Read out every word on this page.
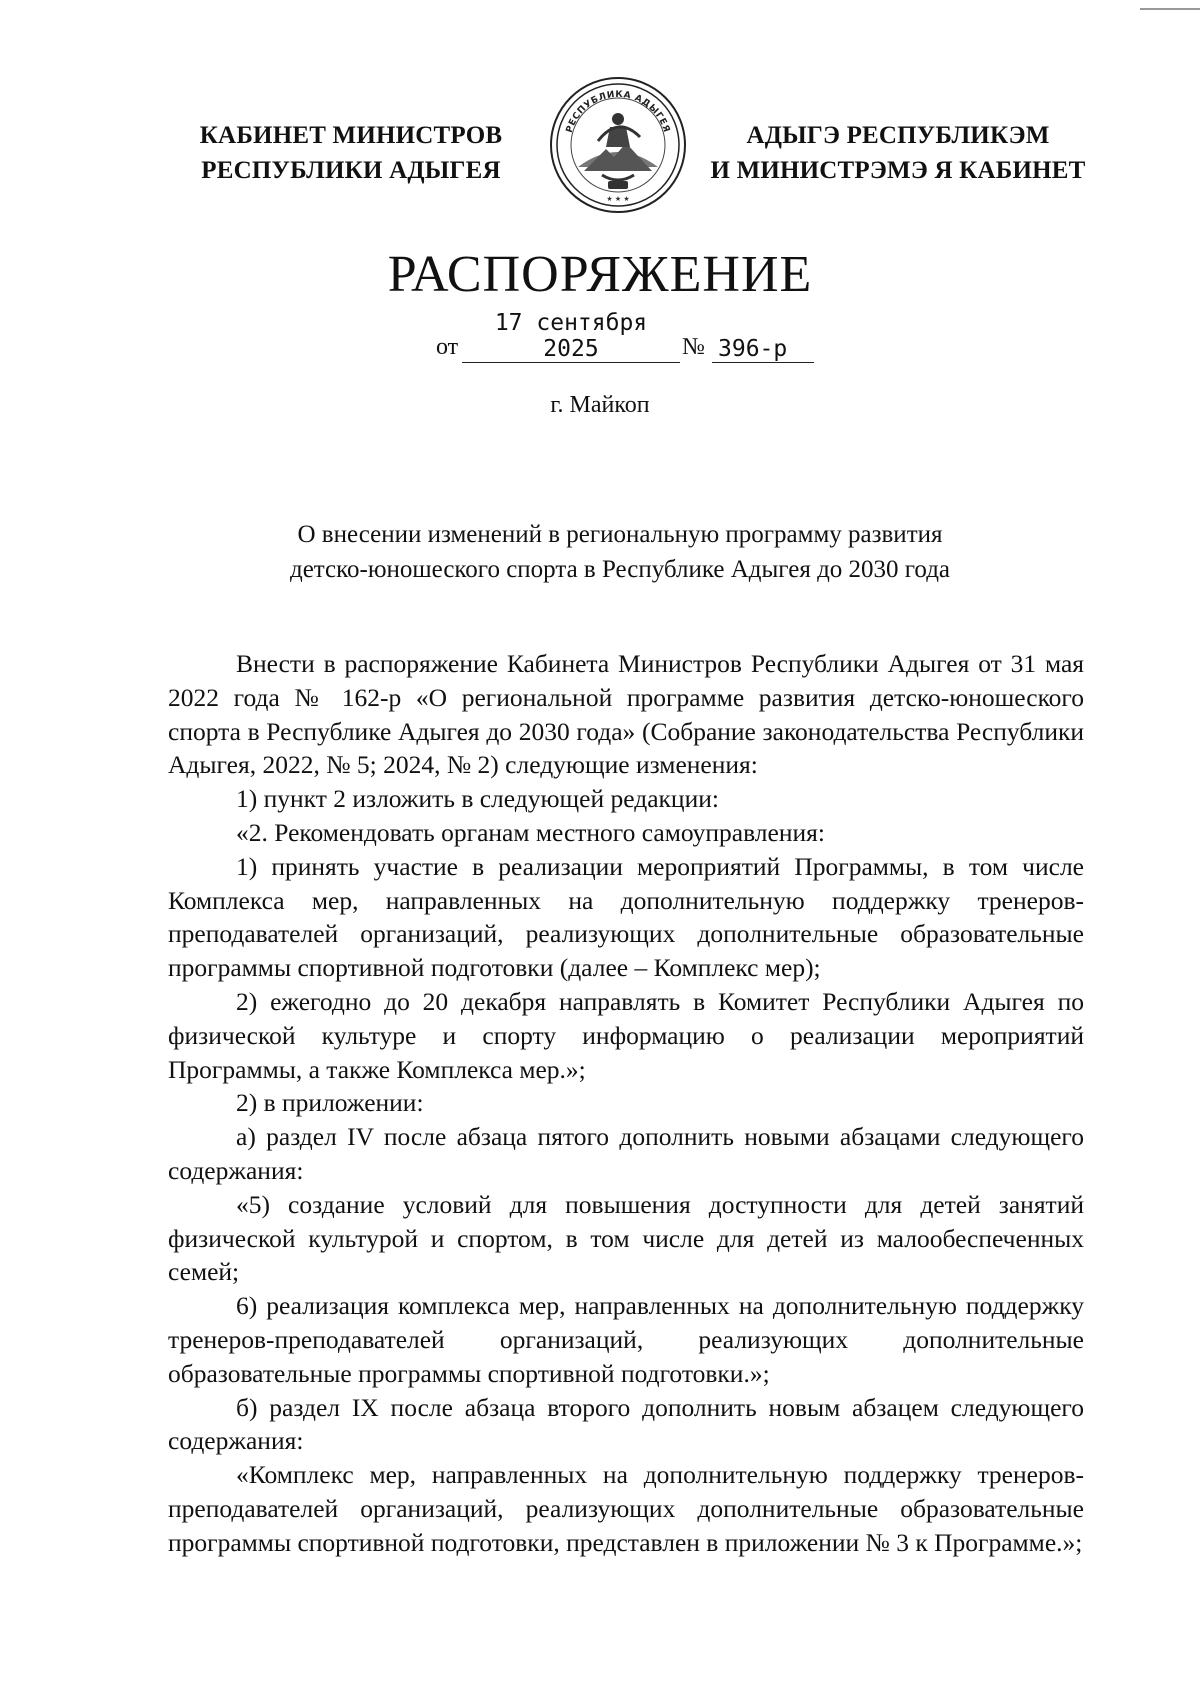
КАБИНЕТ МИНИСТРОВ
РЕСПУБЛИКИ АДЫГЕЯ
РЕСПУБЛИКА АДЫГЕЯ
★ ★ ★
АДЫГЭ РЕСПУБЛИКЭМ
И МИНИСТРЭМЭ Я КАБИНЕТ
РАСПОРЯЖЕНИЕ
от
17 сентября 2025	№ 396-р
г. Майкоп
О внесении изменений в региональную программу развития
детско-юношеского спорта в Республике Адыгея до 2030 года

Внести в распоряжение Кабинета Министров Республики Адыгея от 31 мая 2022 года № 162-р «О региональной программе развития детско-юношеского спорта в Республике Адыгея до 2030 года» (Собрание законодательства Республики Адыгея, 2022, № 5; 2024, № 2) следующие изменения:

1) пункт 2 изложить в следующей редакции:

«2. Рекомендовать органам местного самоуправления:

1) принять участие в реализации мероприятий Программы, в том числе Комплекса мер, направленных на дополнительную поддержку тренеров-преподавателей организаций, реализующих дополнительные образовательные программы спортивной подготовки (далее – Комплекс мер);

2) ежегодно до 20 декабря направлять в Комитет Республики Адыгея по физической культуре и спорту информацию о реализации мероприятий Программы, а также Комплекса мер.»;

2) в приложении:

а) раздел IV после абзаца пятого дополнить новыми абзацами следующего содержания:

«5) создание условий для повышения доступности для детей занятий физической культурой и спортом, в том числе для детей из малообеспеченных семей;

6) реализация комплекса мер, направленных на дополнительную поддержку тренеров-преподавателей организаций, реализующих дополнительные образовательные программы спортивной подготовки.»;

б) раздел IX после абзаца второго дополнить новым абзацем следующего содержания:

«Комплекс мер, направленных на дополнительную поддержку тренеров-преподавателей организаций, реализующих дополнительные образовательные программы спортивной подготовки, представлен в приложении № 3 к Программе.»;
